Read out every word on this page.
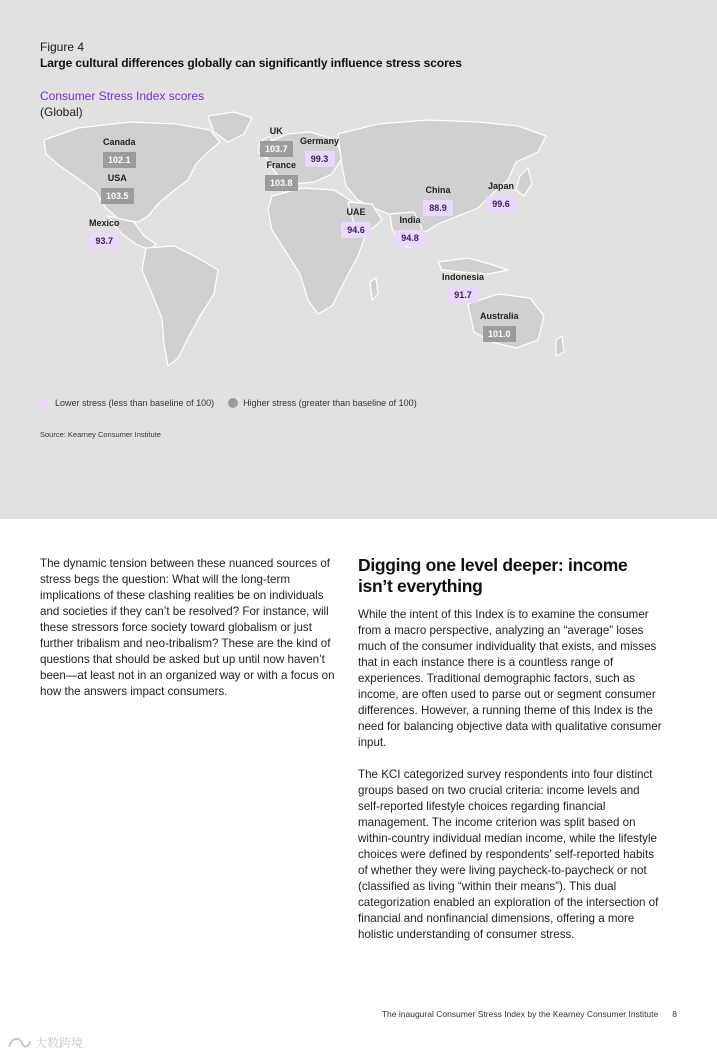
Figure 4
Large cultural differences globally can significantly influence stress scores
Consumer Stress Index scores
(Global)
Canada
102.1
USA
103.5
Mexico
93.7
UK
103.7
Germany
99.3
France
103.8
UAE
94.6
India
94.8
China
88.9
Japan
99.6
Indonesia
91.7
Australia
101.0
Lower stress (less than baseline of 100)	Higher stress (greater than baseline of 100)
Source: Kearney Consumer Institute
The dynamic tension between these nuanced sources of stress begs the question: What will the long-term implications of these clashing realities be on individuals and societies if they can’t be resolved? For instance, will these stressors force society toward globalism or just further tribalism and neo-tribalism? These are the kind of questions that should be asked but up until now haven’t been—at least not in an organized way or with a focus on how the answers impact consumers.
Digging one level deeper: income isn’t everything

While the intent of this Index is to examine the consumer from a macro perspective, analyzing an “average” loses much of the consumer individuality that exists, and misses that in each instance there is a countless range of experiences. Traditional demographic factors, such as income, are often used to parse out or segment consumer differences. However, a running theme of this Index is the need for balancing objective data with qualitative consumer input.

The KCI categorized survey respondents into four distinct groups based on two crucial criteria: income levels and self-reported lifestyle choices regarding financial management. The income criterion was split based on within-country individual median income, while the lifestyle choices were defined by respondents’ self-reported habits of whether they were living paycheck-to-paycheck or not (classified as living “within their means”). This dual categorization enabled an exploration of the intersection of financial and nonfinancial dimensions, offering a more holistic understanding of consumer stress.

The inaugural Consumer Stress Index by the Kearney Consumer Institute 8
大数跨境
